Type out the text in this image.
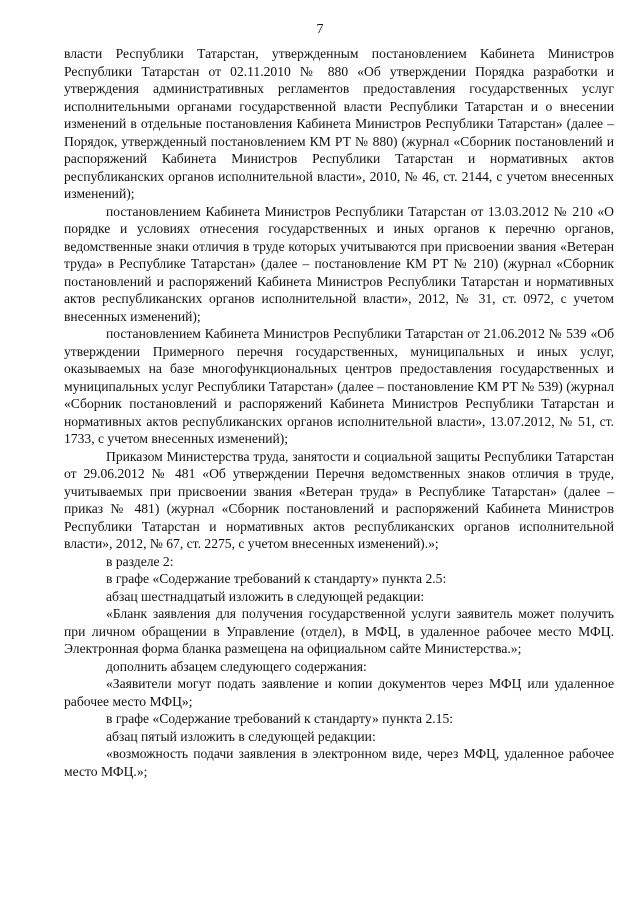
7

власти Республики Татарстан, утвержденным постановлением Кабинета Министров Республики Татарстан от 02.11.2010 № 880 «Об утверждении Порядка разработки и утверждения административных регламентов предоставления государственных услуг исполнительными органами государственной власти Республики Татарстан и о внесении изменений в отдельные постановления Кабинета Министров Республики Татарстан» (далее – Порядок, утвержденный постановлением КМ РТ № 880) (журнал «Сборник постановлений и распоряжений Кабинета Министров Республики Татарстан и нормативных актов республиканских органов исполнительной власти», 2010, № 46, ст. 2144, с учетом внесенных изменений);

постановлением Кабинета Министров Республики Татарстан от 13.03.2012 № 210 «О порядке и условиях отнесения государственных и иных органов к перечню органов, ведомственные знаки отличия в труде которых учитываются при присвоении звания «Ветеран труда» в Республике Татарстан» (далее – постановление КМ РТ № 210) (журнал «Сборник постановлений и распоряжений Кабинета Министров Республики Татарстан и нормативных актов республиканских органов исполнительной власти», 2012, № 31, ст. 0972, с учетом внесенных изменений);

постановлением Кабинета Министров Республики Татарстан от 21.06.2012 № 539 «Об утверждении Примерного перечня государственных, муниципальных и иных услуг, оказываемых на базе многофункциональных центров предоставления государственных и муниципальных услуг Республики Татарстан» (далее – постановление КМ РТ № 539) (журнал «Сборник постановлений и распоряжений Кабинета Министров Республики Татарстан и нормативных актов республиканских органов исполнительной власти», 13.07.2012, № 51, ст. 1733, с учетом внесенных изменений);

Приказом Министерства труда, занятости и социальной защиты Республики Татарстан от 29.06.2012 № 481 «Об утверждении Перечня ведомственных знаков отличия в труде, учитываемых при присвоении звания «Ветеран труда» в Республике Татарстан» (далее – приказ № 481) (журнал «Сборник постановлений и распоряжений Кабинета Министров Республики Татарстан и нормативных актов республиканских органов исполнительной власти», 2012, № 67, ст. 2275, с учетом внесенных изменений).»;

в разделе 2:

в графе «Содержание требований к стандарту» пункта 2.5:

абзац шестнадцатый изложить в следующей редакции:

«Бланк заявления для получения государственной услуги заявитель может получить при личном обращении в Управление (отдел), в МФЦ, в удаленное рабочее место МФЦ. Электронная форма бланка размещена на официальном сайте Министерства.»;

дополнить абзацем следующего содержания:

«Заявители могут подать заявление и копии документов через МФЦ или удаленное рабочее место МФЦ»;

в графе «Содержание требований к стандарту» пункта 2.15:

абзац пятый изложить в следующей редакции:

«возможность подачи заявления в электронном виде, через МФЦ, удаленное рабочее место МФЦ.»;
